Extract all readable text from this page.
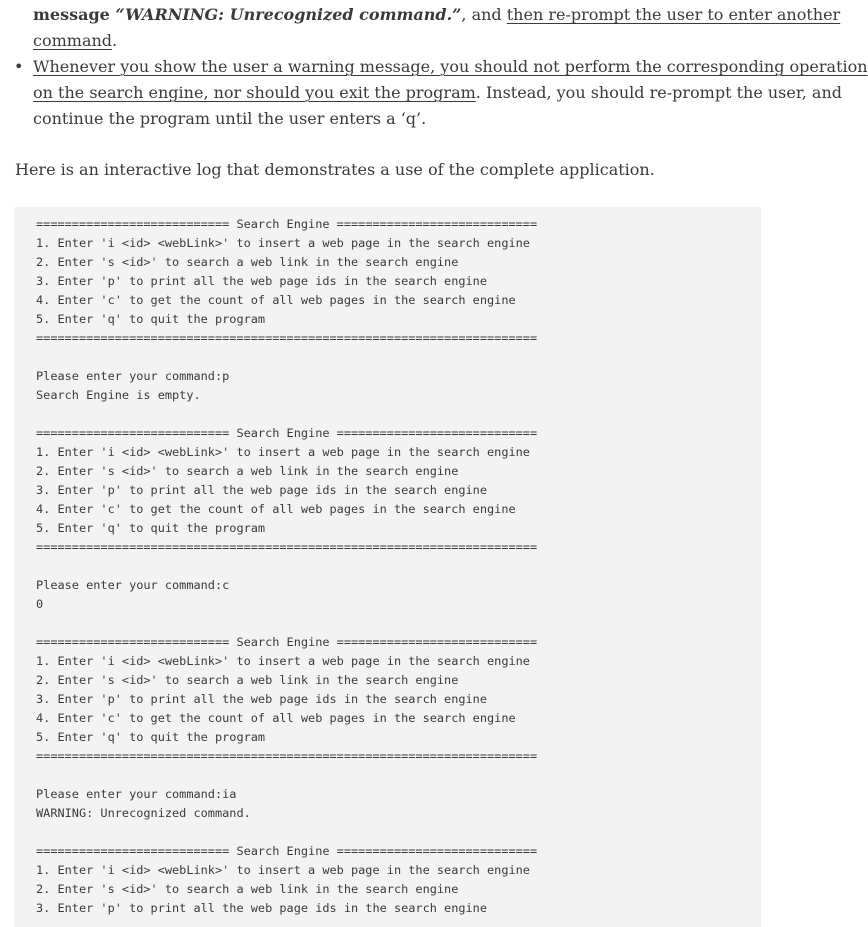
message “WARNING: Unrecognized command.”, and then re-prompt the user to enter another
command.
• Whenever you show the user a warning message, you should not perform the corresponding operation
on the search engine, nor should you exit the program. Instead, you should re-prompt the user, and
continue the program until the user enters a ‘q’.
Here is an interactive log that demonstrates a use of the complete application.
=========================== Search Engine ============================
1. Enter 'i <id> <webLink>' to insert a web page in the search engine
2. Enter 's <id>' to search a web link in the search engine
3. Enter 'p' to print all the web page ids in the search engine
4. Enter 'c' to get the count of all web pages in the search engine
5. Enter 'q' to quit the program
======================================================================
Please enter your command:p
Search Engine is empty.
=========================== Search Engine ============================
1. Enter 'i <id> <webLink>' to insert a web page in the search engine
2. Enter 's <id>' to search a web link in the search engine
3. Enter 'p' to print all the web page ids in the search engine
4. Enter 'c' to get the count of all web pages in the search engine
5. Enter 'q' to quit the program
======================================================================
Please enter your command:c
0
=========================== Search Engine ============================
1. Enter 'i <id> <webLink>' to insert a web page in the search engine
2. Enter 's <id>' to search a web link in the search engine
3. Enter 'p' to print all the web page ids in the search engine
4. Enter 'c' to get the count of all web pages in the search engine
5. Enter 'q' to quit the program
======================================================================
Please enter your command:ia
WARNING: Unrecognized command.
=========================== Search Engine ============================
1. Enter 'i <id> <webLink>' to insert a web page in the search engine
2. Enter 's <id>' to search a web link in the search engine
3. Enter 'p' to print all the web page ids in the search engine
